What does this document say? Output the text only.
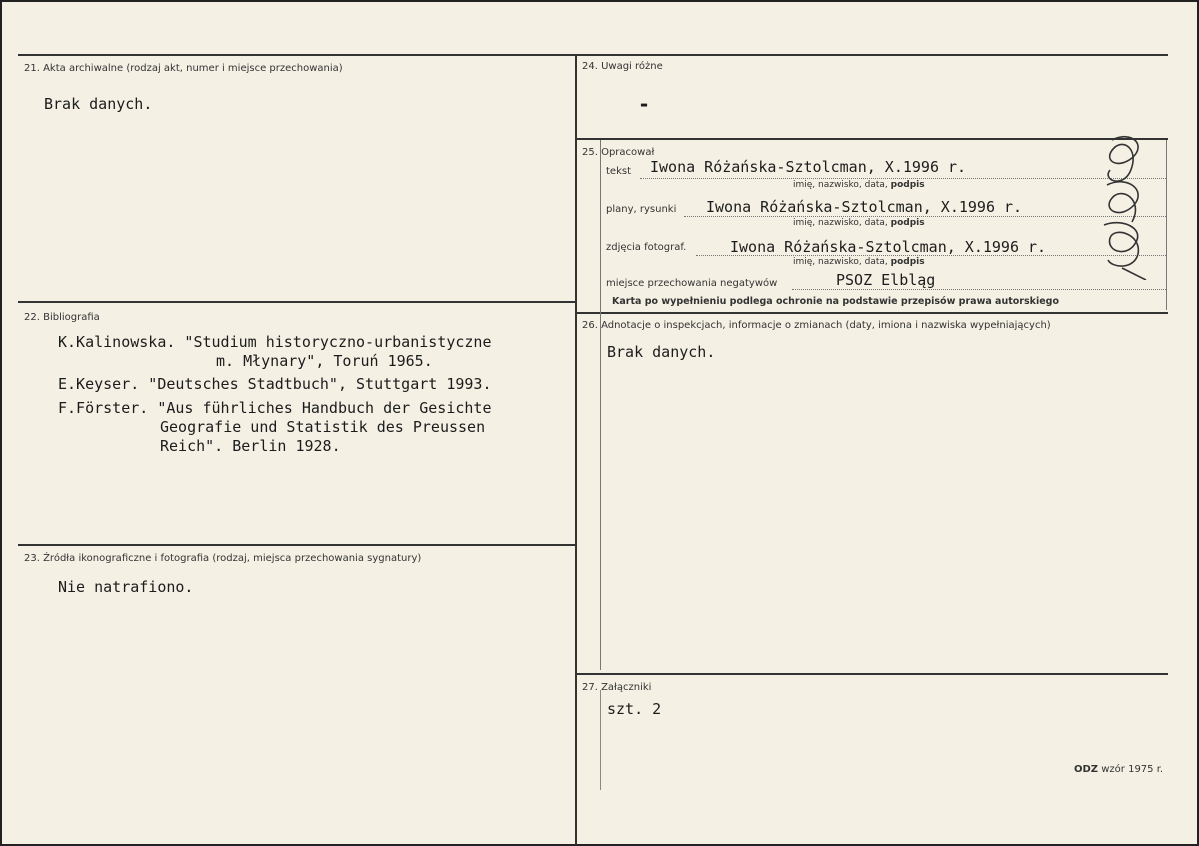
21. Akta archiwalne (rodzaj akt, numer i miejsce przechowania)
Brak danych.
22. Bibliografia
K.Kalinowska. "Studium historyczno-urbanistyczne
m. Młynary", Toruń 1965.
E.Keyser. "Deutsches Stadtbuch", Stuttgart 1993.
F.Förster. "Aus führliches Handbuch der Gesichte
Geografie und Statistik des Preussen
Reich". Berlin 1928.
23. Źródła ikonograficzne i fotografia (rodzaj, miejsca przechowania sygnatury)
Nie natrafiono.
24. Uwagi różne
-
25. Opracował
tekst Iwona Różańska-Sztolcman, X.1996 r.
imię, nazwisko, data, podpis
plany, rysunki Iwona Różańska-Sztolcman, X.1996 r.
imię, nazwisko, data, podpis
zdjęcia fotograf.	Iwona Różańska-Sztolcman, X.1996 r.
imię, nazwisko, data, podpis
miejsce przechowania negatywów	PSOZ Elbląg
Karta po wypełnieniu podlega ochronie na podstawie przepisów prawa autorskiego
26. Adnotacje o inspekcjach, informacje o zmianach (daty, imiona i nazwiska wypełniających)
Brak danych.
27. Załączniki
szt. 2
ODZ wzór 1975 r.
